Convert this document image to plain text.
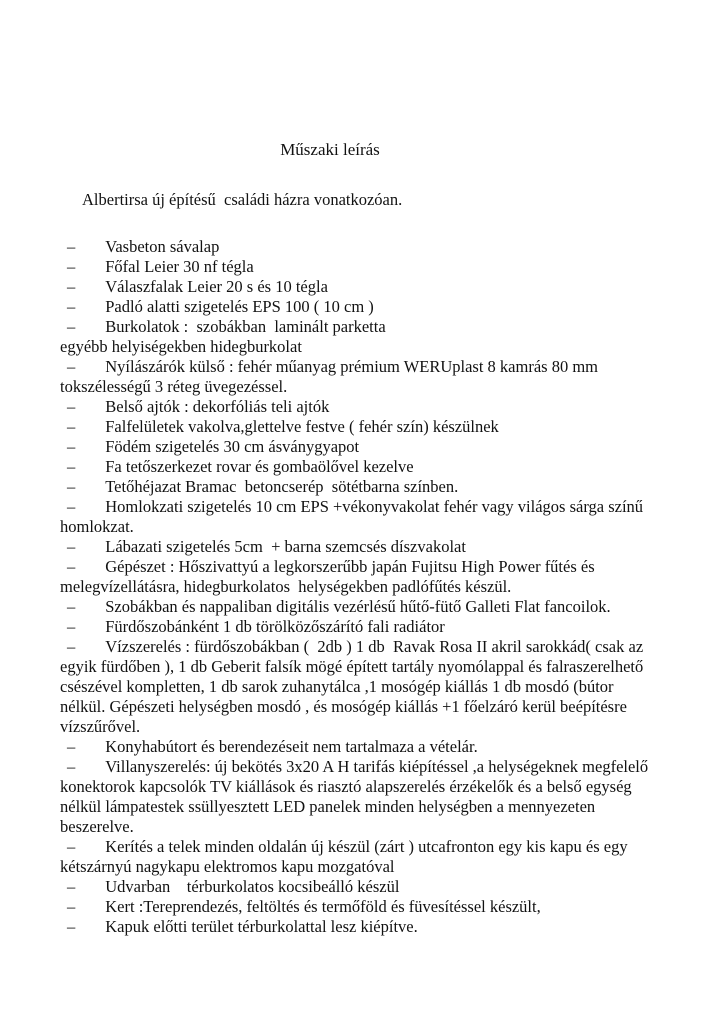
Műszaki leírás

Albertirsa új építésű  családi házra vonatkozóan.

– Vasbeton sávalap

– Főfal Leier 30 nf tégla

– Válaszfalak Leier 20 s és 10 tégla

– Padló alatti szigetelés EPS 100 ( 10 cm )

– Burkolatok :  szobákban  laminált parketta

egyébb helyiségekben hidegburkolat

– Nyílászárók külső : fehér műanyag prémium WERUplast 8 kamrás 80 mm tokszélességű 3 réteg üvegezéssel.

– Belső ajtók : dekorfóliás teli ajtók

– Falfelületek vakolva,glettelve festve ( fehér szín) készülnek

– Födém szigetelés 30 cm ásványgyapot

– Fa tetőszerkezet rovar és gombaölővel kezelve

– Tetőhéjazat Bramac  betoncserép  sötétbarna színben.

– Homlokzati szigetelés 10 cm EPS +vékonyvakolat fehér vagy világos sárga színű homlokzat.

– Lábazati szigetelés 5cm  + barna szemcsés díszvakolat

– Gépészet : Hőszivattyú a legkorszerűbb japán Fujitsu High Power fűtés és melegvízellátásra, hidegburkolatos  helységekben padlófűtés készül.

– Szobákban és nappaliban digitális vezérlésű hűtő-fütő Galleti Flat fancoilok.

– Fürdőszobánként 1 db törölközőszárító fali radiátor

– Vízszerelés : fürdőszobákban (  2db ) 1 db  Ravak Rosa II akril sarokkád( csak az egyik fürdőben ), 1 db Geberit falsík mögé épített tartály nyomólappal és falraszerelhető csészével kompletten, 1 db sarok zuhanytálca ,1 mosógép kiállás 1 db mosdó (bútor nélkül. Gépészeti helységben mosdó , és mosógép kiállás +1 főelzáró kerül beépítésre vízszűrővel.

– Konyhabútort és berendezéseit nem tartalmaza a vételár.

– Villanyszerelés: új bekötés 3x20 A H tarifás kiépítéssel ,a helységeknek megfelelő konektorok kapcsolók TV kiállások és riasztó alapszerelés érzékelők és a belső egység nélkül lámpatestek ssüllyesztett LED panelek minden helységben a mennyezeten beszerelve.

– Kerítés a telek minden oldalán új készül (zárt ) utcafronton egy kis kapu és egy kétszárnyú nagykapu elektromos kapu mozgatóval

– Udvarban    térburkolatos kocsibeálló készül

– Kert :Tereprendezés, feltöltés és termőföld és füvesítéssel készült,

– Kapuk előtti terület térburkolattal lesz kiépítve.
